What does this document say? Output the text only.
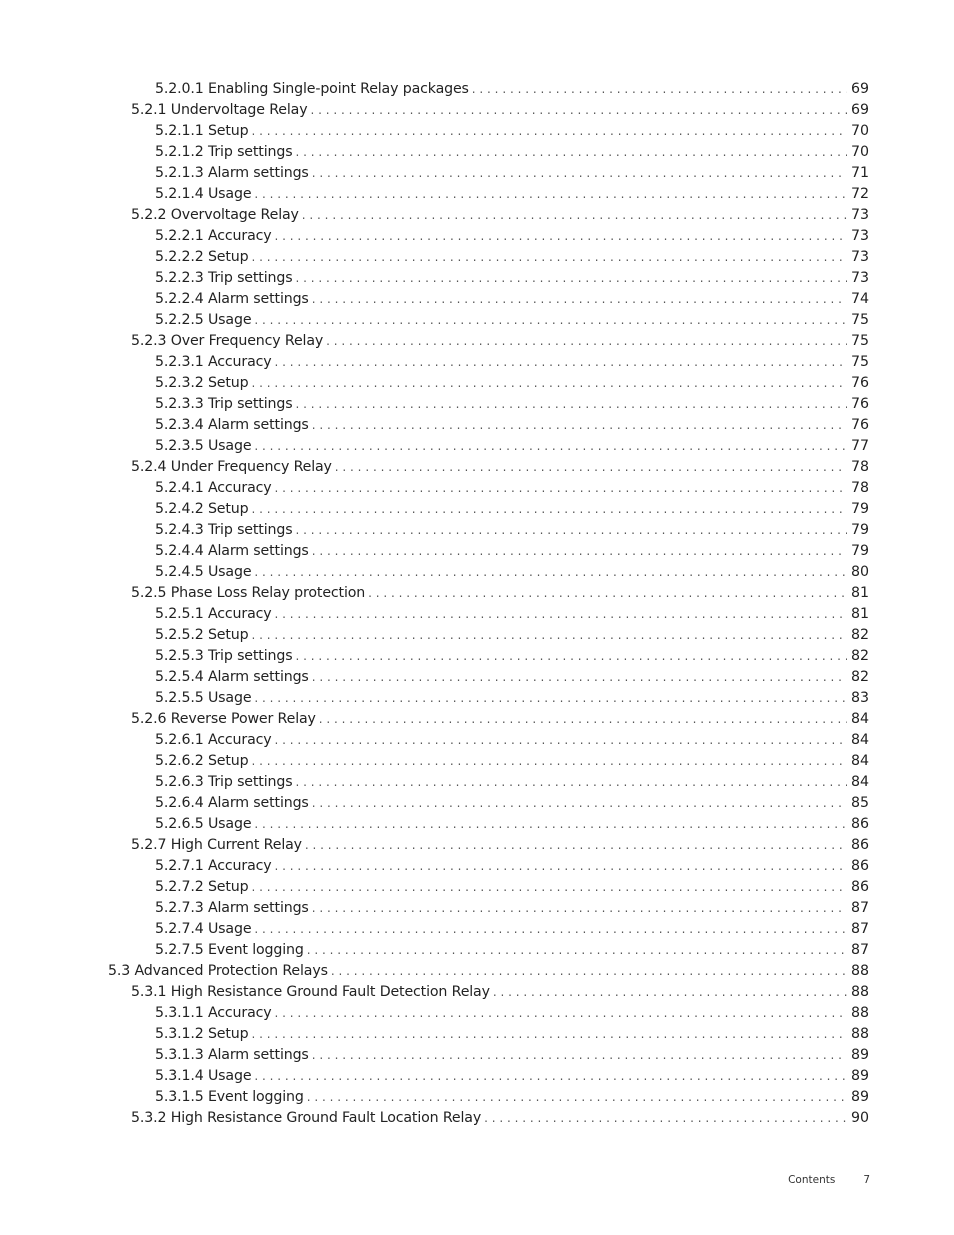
5.2.0.1 Enabling Single-point Relay packages . . .	69
5.2.1 Undervoltage Relay . . .	69
5.2.1.1 Setup . . .	70
5.2.1.2 Trip settings . . .	70
5.2.1.3 Alarm settings . . .	71
5.2.1.4 Usage . . .	72
5.2.2 Overvoltage Relay . . .	73
5.2.2.1 Accuracy . . .	73
5.2.2.2 Setup . . .	73
5.2.2.3 Trip settings . . .	73
5.2.2.4 Alarm settings . . .	74
5.2.2.5 Usage . . .	75
5.2.3 Over Frequency Relay . . .	75
5.2.3.1 Accuracy . . .	75
5.2.3.2 Setup . . .	76
5.2.3.3 Trip settings . . .	76
5.2.3.4 Alarm settings . . .	76
5.2.3.5 Usage . . .	77
5.2.4 Under Frequency Relay . . .	78
5.2.4.1 Accuracy . . .	78
5.2.4.2 Setup . . .	79
5.2.4.3 Trip settings . . .	79
5.2.4.4 Alarm settings . . .	79
5.2.4.5 Usage . . .	80
5.2.5 Phase Loss Relay protection . . .	81
5.2.5.1 Accuracy . . .	81
5.2.5.2 Setup . . .	82
5.2.5.3 Trip settings . . .	82
5.2.5.4 Alarm settings . . .	82
5.2.5.5 Usage . . .	83
5.2.6 Reverse Power Relay . . .	84
5.2.6.1 Accuracy . . .	84
5.2.6.2 Setup . . .	84
5.2.6.3 Trip settings . . .	84
5.2.6.4 Alarm settings . . .	85
5.2.6.5 Usage . . .	86
5.2.7 High Current Relay . . .	86
5.2.7.1 Accuracy . . .	86
5.2.7.2 Setup . . .	86
5.2.7.3 Alarm settings . . .	87
5.2.7.4 Usage . . .	87
5.2.7.5 Event logging . . .	87
5.3 Advanced Protection Relays . . .	88
5.3.1 High Resistance Ground Fault Detection Relay . . .	88
5.3.1.1 Accuracy . . .	88
5.3.1.2 Setup . . .	88
5.3.1.3 Alarm settings . . .	89
5.3.1.4 Usage . . .	89
5.3.1.5 Event logging . . .	89
5.3.2 High Resistance Ground Fault Location Relay . . .	90
Contents	7
